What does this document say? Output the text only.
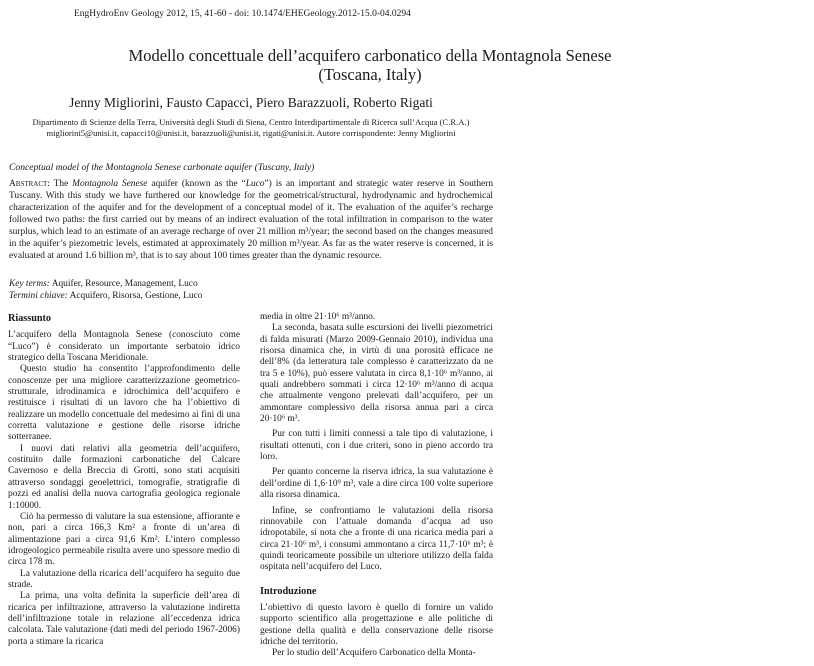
EngHydroEnv Geology 2012, 15, 41-60 - doi: 10.1474/EHEGeology.2012-15.0-04.0294
Modello concettuale dell’acquifero carbonatico della Montagnola Senese
(Toscana, Italy)
Jenny Migliorini, Fausto Capacci, Piero Barazzuoli, Roberto Rigati
Dipartimento di Scienze della Terra, Università degli Studi di Siena, Centro Interdipartimentale di Ricerca sull’Acqua (C.R.A.)
migliorini5@unisi.it, capacci10@unisi.it, barazzuoli@unisi.it, rigati@unisi.it. Autore corrispondente: Jenny Migliorini
Conceptual model of the Montagnola Senese carbonate aquifer (Tuscany, Italy)
Abstract: The Montagnola Senese aquifer (known as the “Luco”) is an important and strategic water reserve in Southern Tuscany. With this study we have furthered our knowledge for the geometrical/structural, hydrodynamic and hydrochemical characterization of the aquifer and for the development of a conceptual model of it. The evaluation of the aquifer’s recharge followed two paths: the first carried out by means of an indirect evaluation of the total infiltration in comparison to the water surplus, which lead to an estimate of an average recharge of over 21 million m³/year; the second based on the changes measured in the aquifer’s piezometric levels, estimated at approximately 20 million m³/year. As far as the water reserve is concerned, it is evaluated at around 1.6 billion m³, that is to say about 100 times greater than the dynamic resource.
Key terms: Aquifer, Resource, Management, Luco
Termini chiave: Acquifero, Risorsa, Gestione, Luco
Riassunto

L’acquifero della Montagnola Senese (conosciuto come “Luco”) è considerato un importante serbatoio idrico strategico della Toscana Meridionale.

Questo studio ha consentito l’approfondimento delle conoscenze per una migliore caratterizzazione geometrico-strutturale, idrodinamica e idrochimica dell’acquifero e restituisce i risultati di un lavoro che ha l’obiettivo di realizzare un modello concettuale del medesimo ai fini di una corretta valutazione e gestione delle risorse idriche sotterranee.

I nuovi dati relativi alla geometria dell’acquifero, costituito dalle formazioni carbonatiche del Calcare Cavernoso e della Breccia di Grotti, sono stati acquisiti attraverso sondaggi geoelettrici, tomografie, stratigrafie di pozzi ed analisi della nuova cartografia geologica regionale 1:10000.

Ciò ha permesso di valutare la sua estensione, affiorante e non, pari a circa 166,3 Km² a fronte di un’area di alimentazione pari a circa 91,6 Km². L’intero complesso idrogeologico permeabile risulta avere uno spessore medio di circa 178 m.

La valutazione della ricarica dell’acquifero ha seguito due strade.

La prima, una volta definita la superficie dell’area di ricarica per infiltrazione, attraverso la valutazione indiretta dell’infiltrazione totale in relazione all’eccedenza idrica calcolata. Tale valutazione (dati medi del periodo 1967-2006) porta a stimare la ricarica

media in oltre 21·10⁶ m³/anno.

La seconda, basata sulle escursioni dei livelli piezometrici di falda misurati (Marzo 2009-Gennaio 2010), individua una risorsa dinamica che, in virtù di una porosità efficace ne dell’8% (da letteratura tale complesso è caratterizzato da ne tra 5 e 10%), può essere valutata in circa 8,1·10⁶ m³/anno, ai quali andrebbero sommati i circa 12·10⁶ m³/anno di acqua che attualmente vengono prelevati dall’acquifero, per un ammontare complessivo della risorsa annua pari a circa 20·10⁶ m³.

Pur con tutti i limiti connessi a tale tipo di valutazione, i risultati ottenuti, con i due criteri, sono in pieno accordo tra loro.

Per quanto concerne la riserva idrica, la sua valutazione è dell’ordine di 1,6·10⁹ m³, vale a dire circa 100 volte superiore alla risorsa dinamica.

Infine, se confrontiamo le valutazioni della risorsa rinnovabile con l’attuale domanda d’acqua ad uso idropotabile, si nota che a fronte di una ricarica media pari a circa 21·10⁶ m³, i consumi ammontano a circa 11,7·10⁶ m³; è quindi teoricamente possibile un ulteriore utilizzo della falda ospitata nell’acquifero del Luco.

Introduzione

L’obiettivo di questo lavoro è quello di fornire un valido supporto scientifico alla progettazione e alle politiche di gestione della qualità e della conservazione delle risorse idriche del territorio.

Per lo studio dell’Acquifero Carbonatico della Monta-
